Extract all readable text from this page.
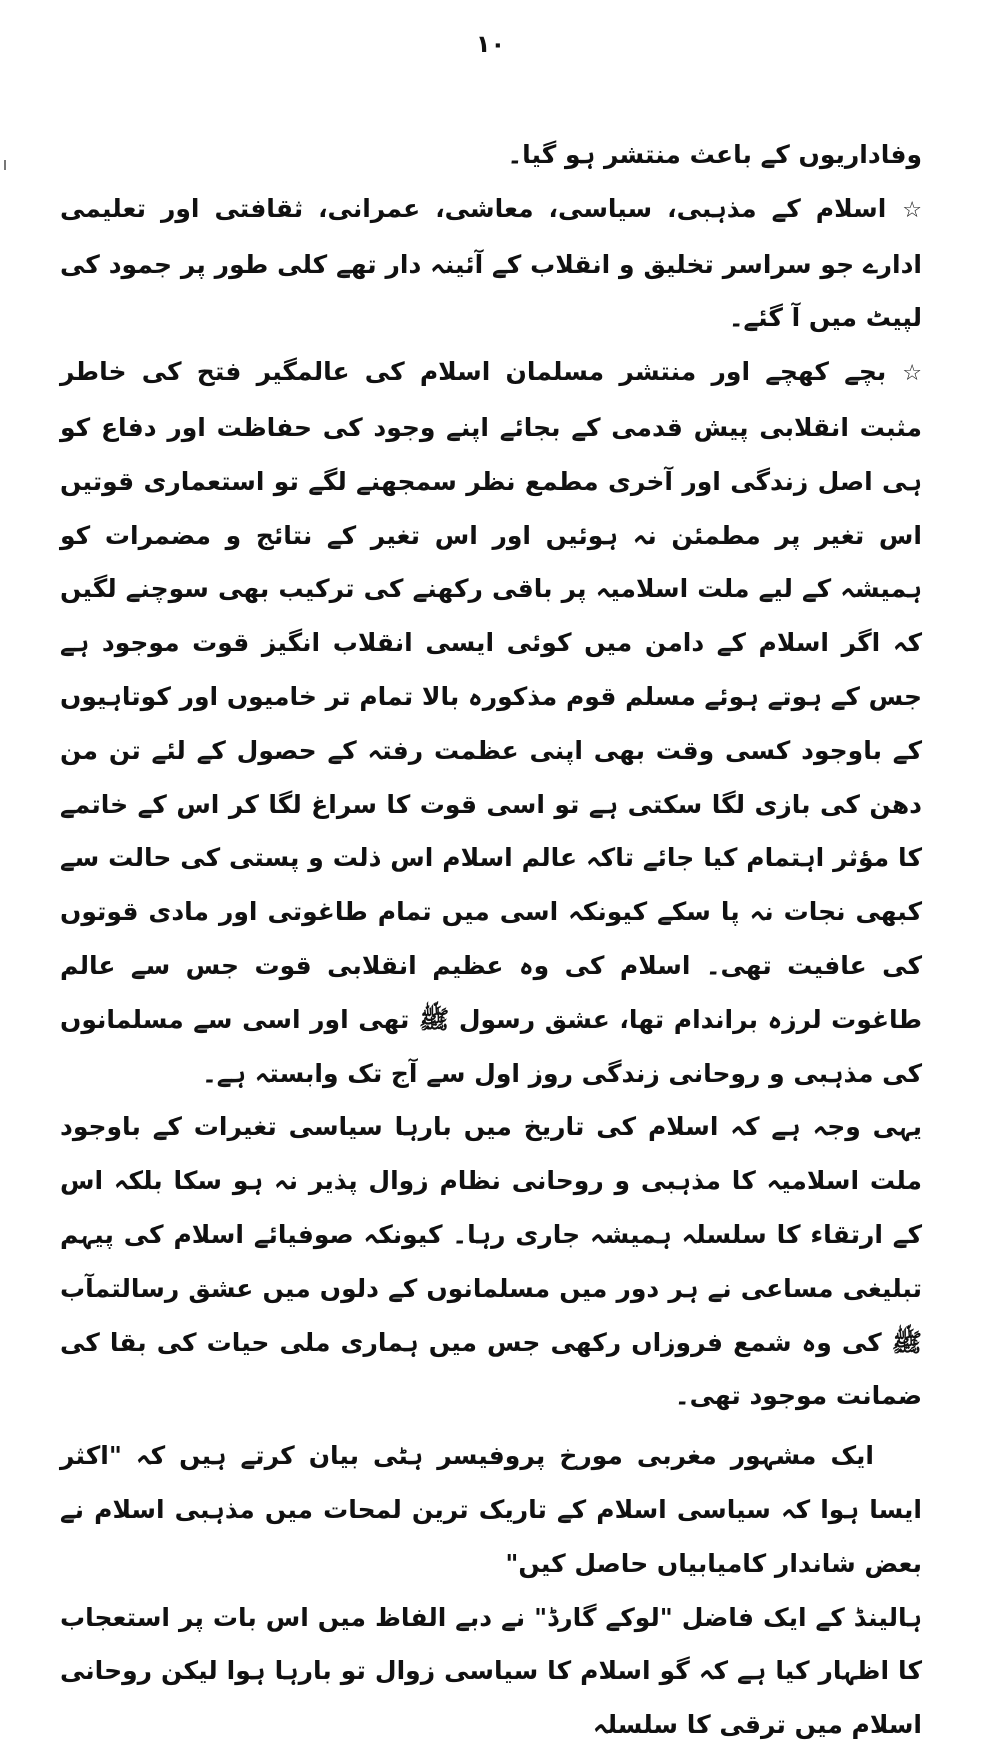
۱۰

وفاداریوں کے باعث منتشر ہو گیا۔

☆اسلام کے مذہبی، سیاسی، معاشی، عمرانی، ثقافتی اور تعلیمی ادارے جو سراسر تخلیق و انقلاب کے آئینہ دار تھے کلی طور پر جمود کی لپیٹ میں آ گئے۔

☆بچے کھچے اور منتشر مسلمان اسلام کی عالمگیر فتح کی خاطر مثبت انقلابی پیش قدمی کے بجائے اپنے وجود کی حفاظت اور دفاع کو ہی اصل زندگی اور آخری مطمع نظر سمجھنے لگے تو استعماری قوتیں اس تغیر پر مطمئن نہ ہوئیں اور اس تغیر کے نتائج و مضمرات کو ہمیشہ کے لیے ملت اسلامیہ پر باقی رکھنے کی ترکیب بھی سوچنے لگیں کہ اگر اسلام کے دامن میں کوئی ایسی انقلاب انگیز قوت موجود ہے جس کے ہوتے ہوئے مسلم قوم مذکورہ بالا تمام تر خامیوں اور کوتاہیوں کے باوجود کسی وقت بھی اپنی عظمت رفتہ کے حصول کے لئے تن من دھن کی بازی لگا سکتی ہے تو اسی قوت کا سراغ لگا کر اس کے خاتمے کا مؤثر اہتمام کیا جائے تاکہ عالم اسلام اس ذلت و پستی کی حالت سے کبھی نجات نہ پا سکے کیونکہ اسی میں تمام طاغوتی اور مادی قوتوں کی عافیت تھی۔ اسلام کی وہ عظیم انقلابی قوت جس سے عالم طاغوت لرزہ براندام تھا، عشق رسول ﷺ تھی اور اسی سے مسلمانوں کی مذہبی و روحانی زندگی روز اول سے آج تک وابستہ ہے۔

یہی وجہ ہے کہ اسلام کی تاریخ میں بارہا سیاسی تغیرات کے باوجود ملت اسلامیہ کا مذہبی و روحانی نظام زوال پذیر نہ ہو سکا بلکہ اس کے ارتقاء کا سلسلہ ہمیشہ جاری رہا۔ کیونکہ صوفیائے اسلام کی پیہم تبلیغی مساعی نے ہر دور میں مسلمانوں کے دلوں میں عشق رسالتمآب ﷺ کی وہ شمع فروزاں رکھی جس میں ہماری ملی حیات کی بقا کی ضمانت موجود تھی۔

ایک مشہور مغربی مورخ پروفیسر ہٹی بیان کرتے ہیں کہ "اکثر ایسا ہوا کہ سیاسی اسلام کے تاریک ترین لمحات میں مذہبی اسلام نے بعض شاندار کامیابیاں حاصل کیں"

ہالینڈ کے ایک فاضل "لوکے گارڈ" نے دبے الفاظ میں اس بات پر استعجاب کا اظہار کیا ہے کہ گو اسلام کا سیاسی زوال تو بارہا ہوا لیکن روحانی اسلام میں ترقی کا سلسلہ
